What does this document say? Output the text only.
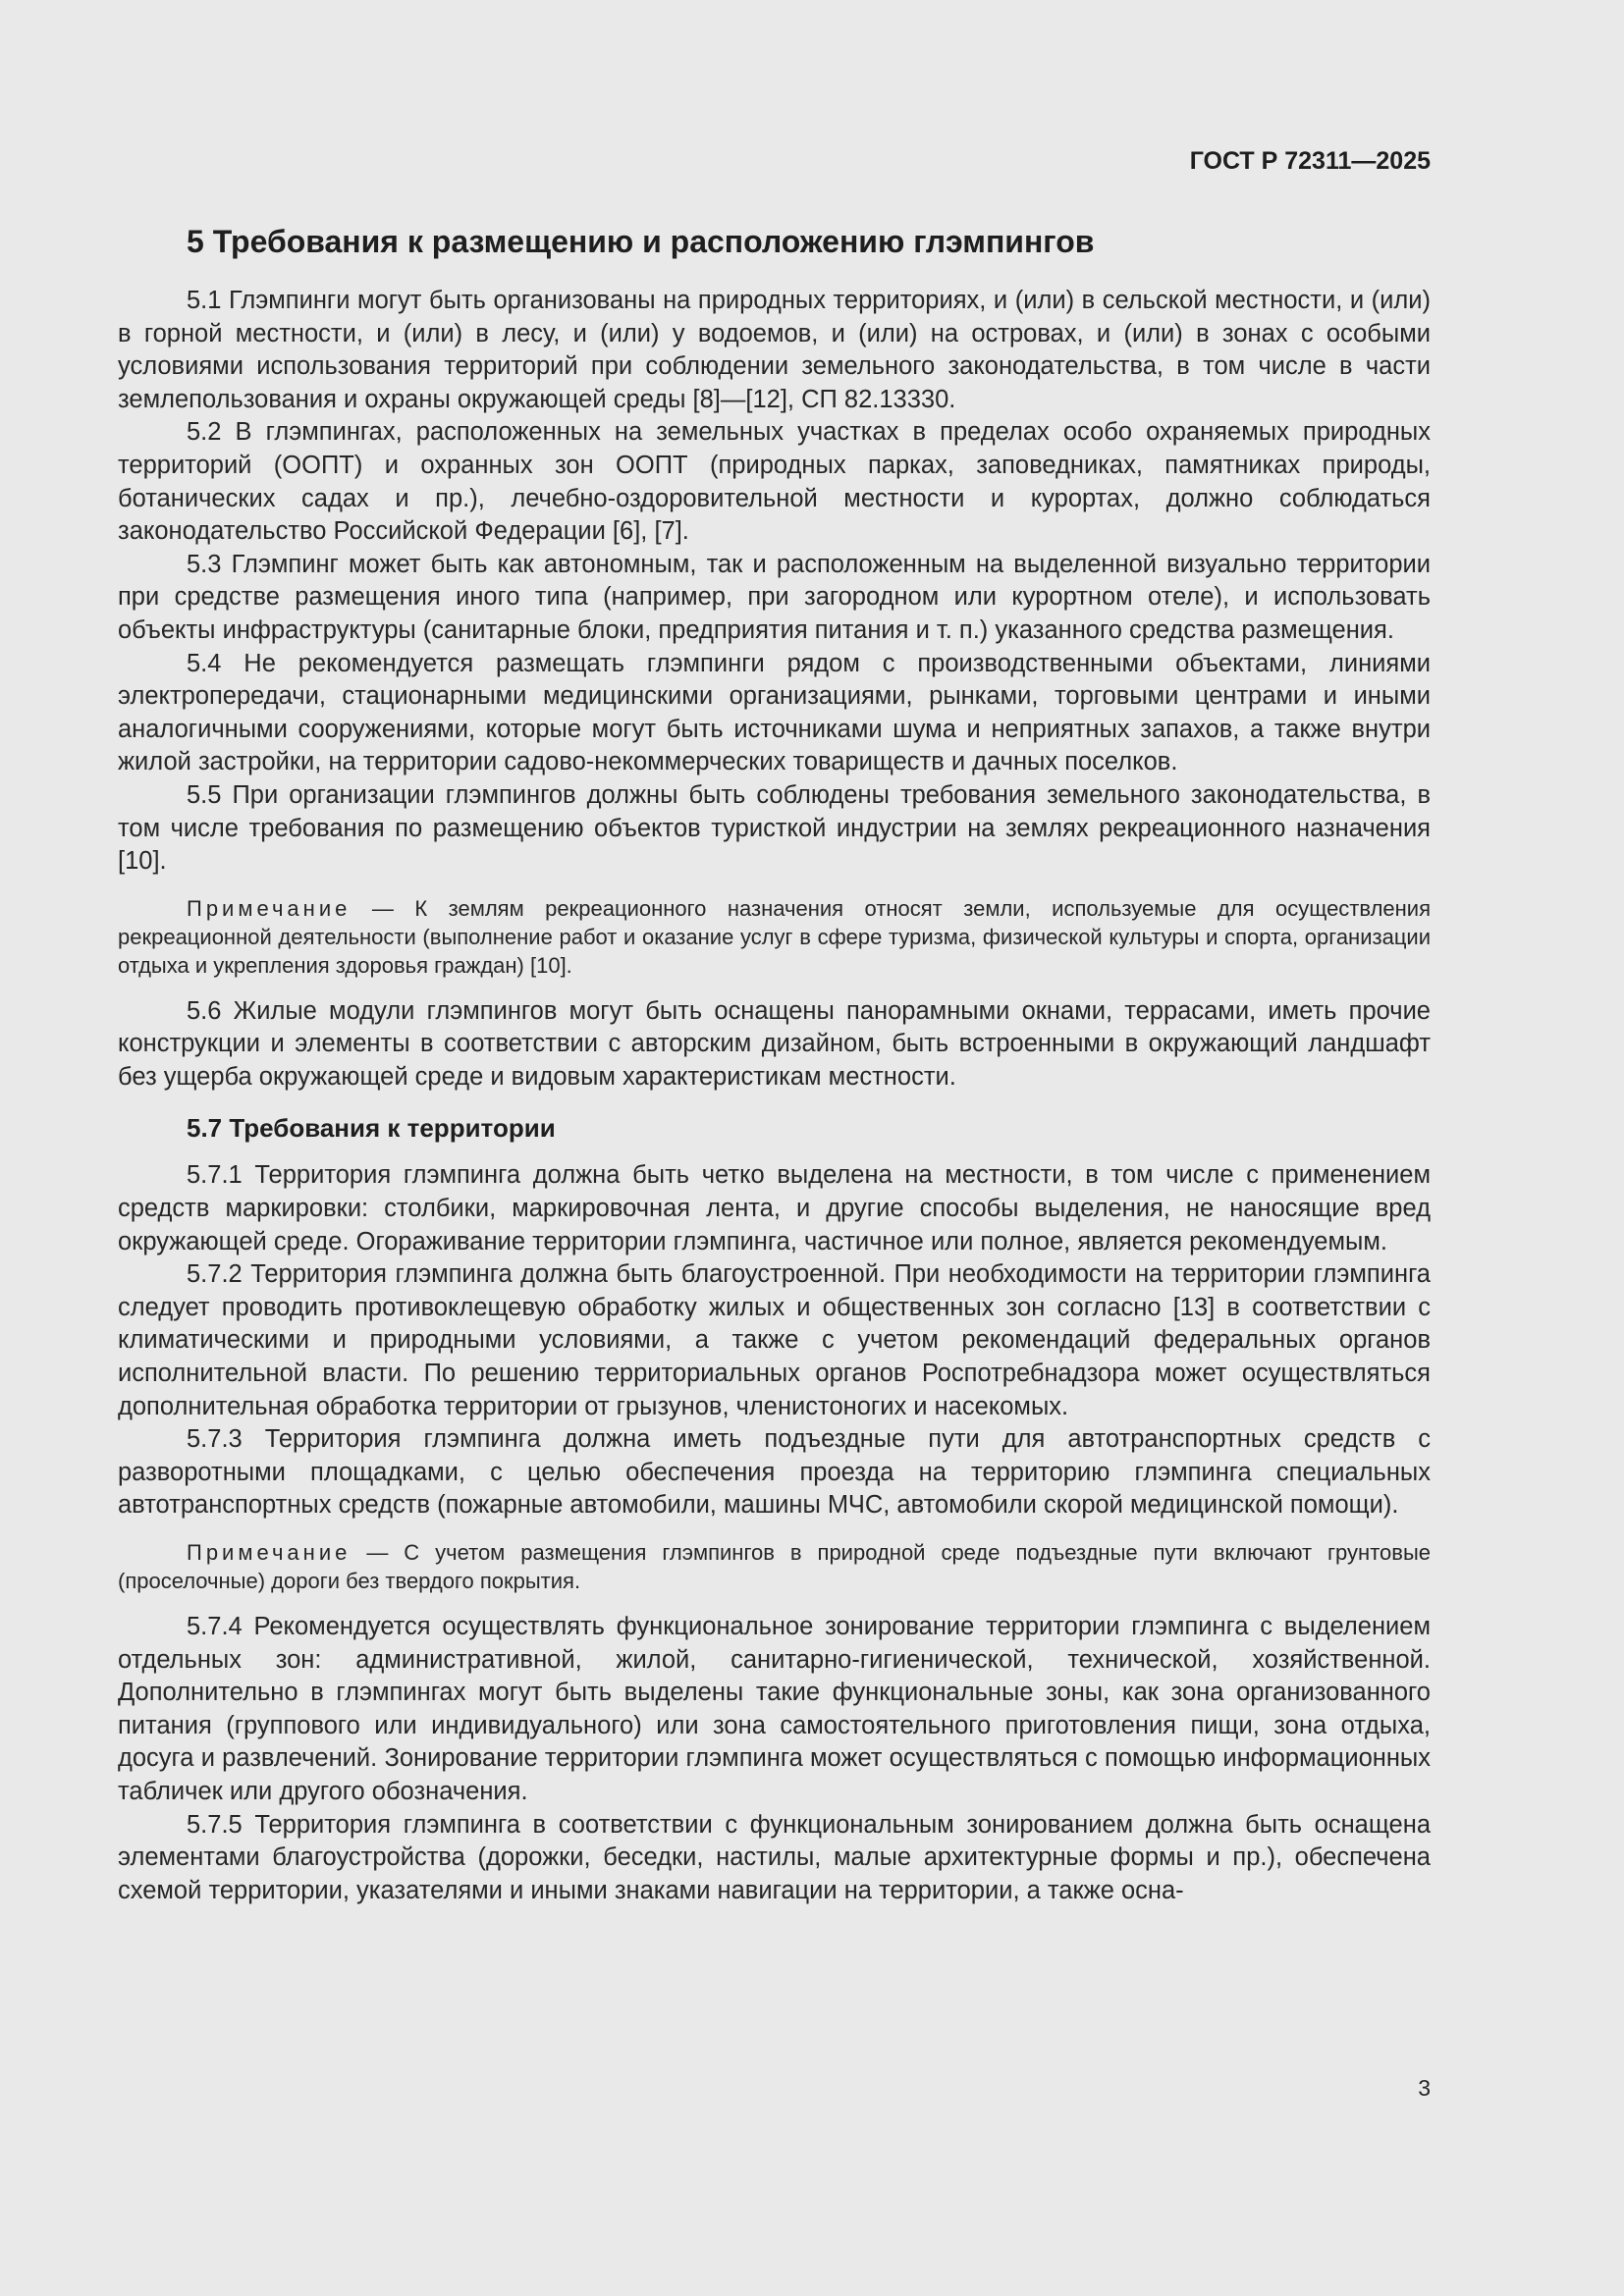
ГОСТ Р 72311—2025

5 Требования к размещению и расположению глэмпингов

5.1 Глэмпинги могут быть организованы на природных территориях, и (или) в сельской местности, и (или) в горной местности, и (или) в лесу, и (или) у водоемов, и (или) на островах, и (или) в зонах с особыми условиями использования территорий при соблюдении земельного законодательства, в том числе в части землепользования и охраны окружающей среды [8]—[12], СП 82.13330.

5.2 В глэмпингах, расположенных на земельных участках в пределах особо охраняемых природных территорий (ООПТ) и охранных зон ООПТ (природных парках, заповедниках, памятниках природы, ботанических садах и пр.), лечебно-оздоровительной местности и курортах, должно соблюдаться законодательство Российской Федерации [6], [7].

5.3 Глэмпинг может быть как автономным, так и расположенным на выделенной визуально территории при средстве размещения иного типа (например, при загородном или курортном отеле), и использовать объекты инфраструктуры (санитарные блоки, предприятия питания и т. п.) указанного средства размещения.

5.4 Не рекомендуется размещать глэмпинги рядом с производственными объектами, линиями электропередачи, стационарными медицинскими организациями, рынками, торговыми центрами и иными аналогичными сооружениями, которые могут быть источниками шума и неприятных запахов, а также внутри жилой застройки, на территории садово-некоммерческих товариществ и дачных поселков.

5.5 При организации глэмпингов должны быть соблюдены требования земельного законодательства, в том числе требования по размещению объектов туристкой индустрии на землях рекреационного назначения [10].

Примечание — К землям рекреационного назначения относят земли, используемые для осуществления рекреационной деятельности (выполнение работ и оказание услуг в сфере туризма, физической культуры и спорта, организации отдыха и укрепления здоровья граждан) [10].

5.6 Жилые модули глэмпингов могут быть оснащены панорамными окнами, террасами, иметь прочие конструкции и элементы в соответствии с авторским дизайном, быть встроенными в окружающий ландшафт без ущерба окружающей среде и видовым характеристикам местности.

5.7 Требования к территории

5.7.1 Территория глэмпинга должна быть четко выделена на местности, в том числе с применением средств маркировки: столбики, маркировочная лента, и другие способы выделения, не наносящие вред окружающей среде. Огораживание территории глэмпинга, частичное или полное, является рекомендуемым.

5.7.2 Территория глэмпинга должна быть благоустроенной. При необходимости на территории глэмпинга следует проводить противоклещевую обработку жилых и общественных зон согласно [13] в соответствии с климатическими и природными условиями, а также с учетом рекомендаций федеральных органов исполнительной власти. По решению территориальных органов Роспотребнадзора может осуществляться дополнительная обработка территории от грызунов, членистоногих и насекомых.

5.7.3 Территория глэмпинга должна иметь подъездные пути для автотранспортных средств с разворотными площадками, с целью обеспечения проезда на территорию глэмпинга специальных автотранспортных средств (пожарные автомобили, машины МЧС, автомобили скорой медицинской помощи).

Примечание — С учетом размещения глэмпингов в природной среде подъездные пути включают грунтовые (проселочные) дороги без твердого покрытия.

5.7.4 Рекомендуется осуществлять функциональное зонирование территории глэмпинга с выделением отдельных зон: административной, жилой, санитарно-гигиенической, технической, хозяйственной. Дополнительно в глэмпингах могут быть выделены такие функциональные зоны, как зона организованного питания (группового или индивидуального) или зона самостоятельного приготовления пищи, зона отдыха, досуга и развлечений. Зонирование территории глэмпинга может осуществляться с помощью информационных табличек или другого обозначения.

5.7.5 Территория глэмпинга в соответствии с функциональным зонированием должна быть оснащена элементами благоустройства (дорожки, беседки, настилы, малые архитектурные формы и пр.), обеспечена схемой территории, указателями и иными знаками навигации на территории, а также осна-

3
